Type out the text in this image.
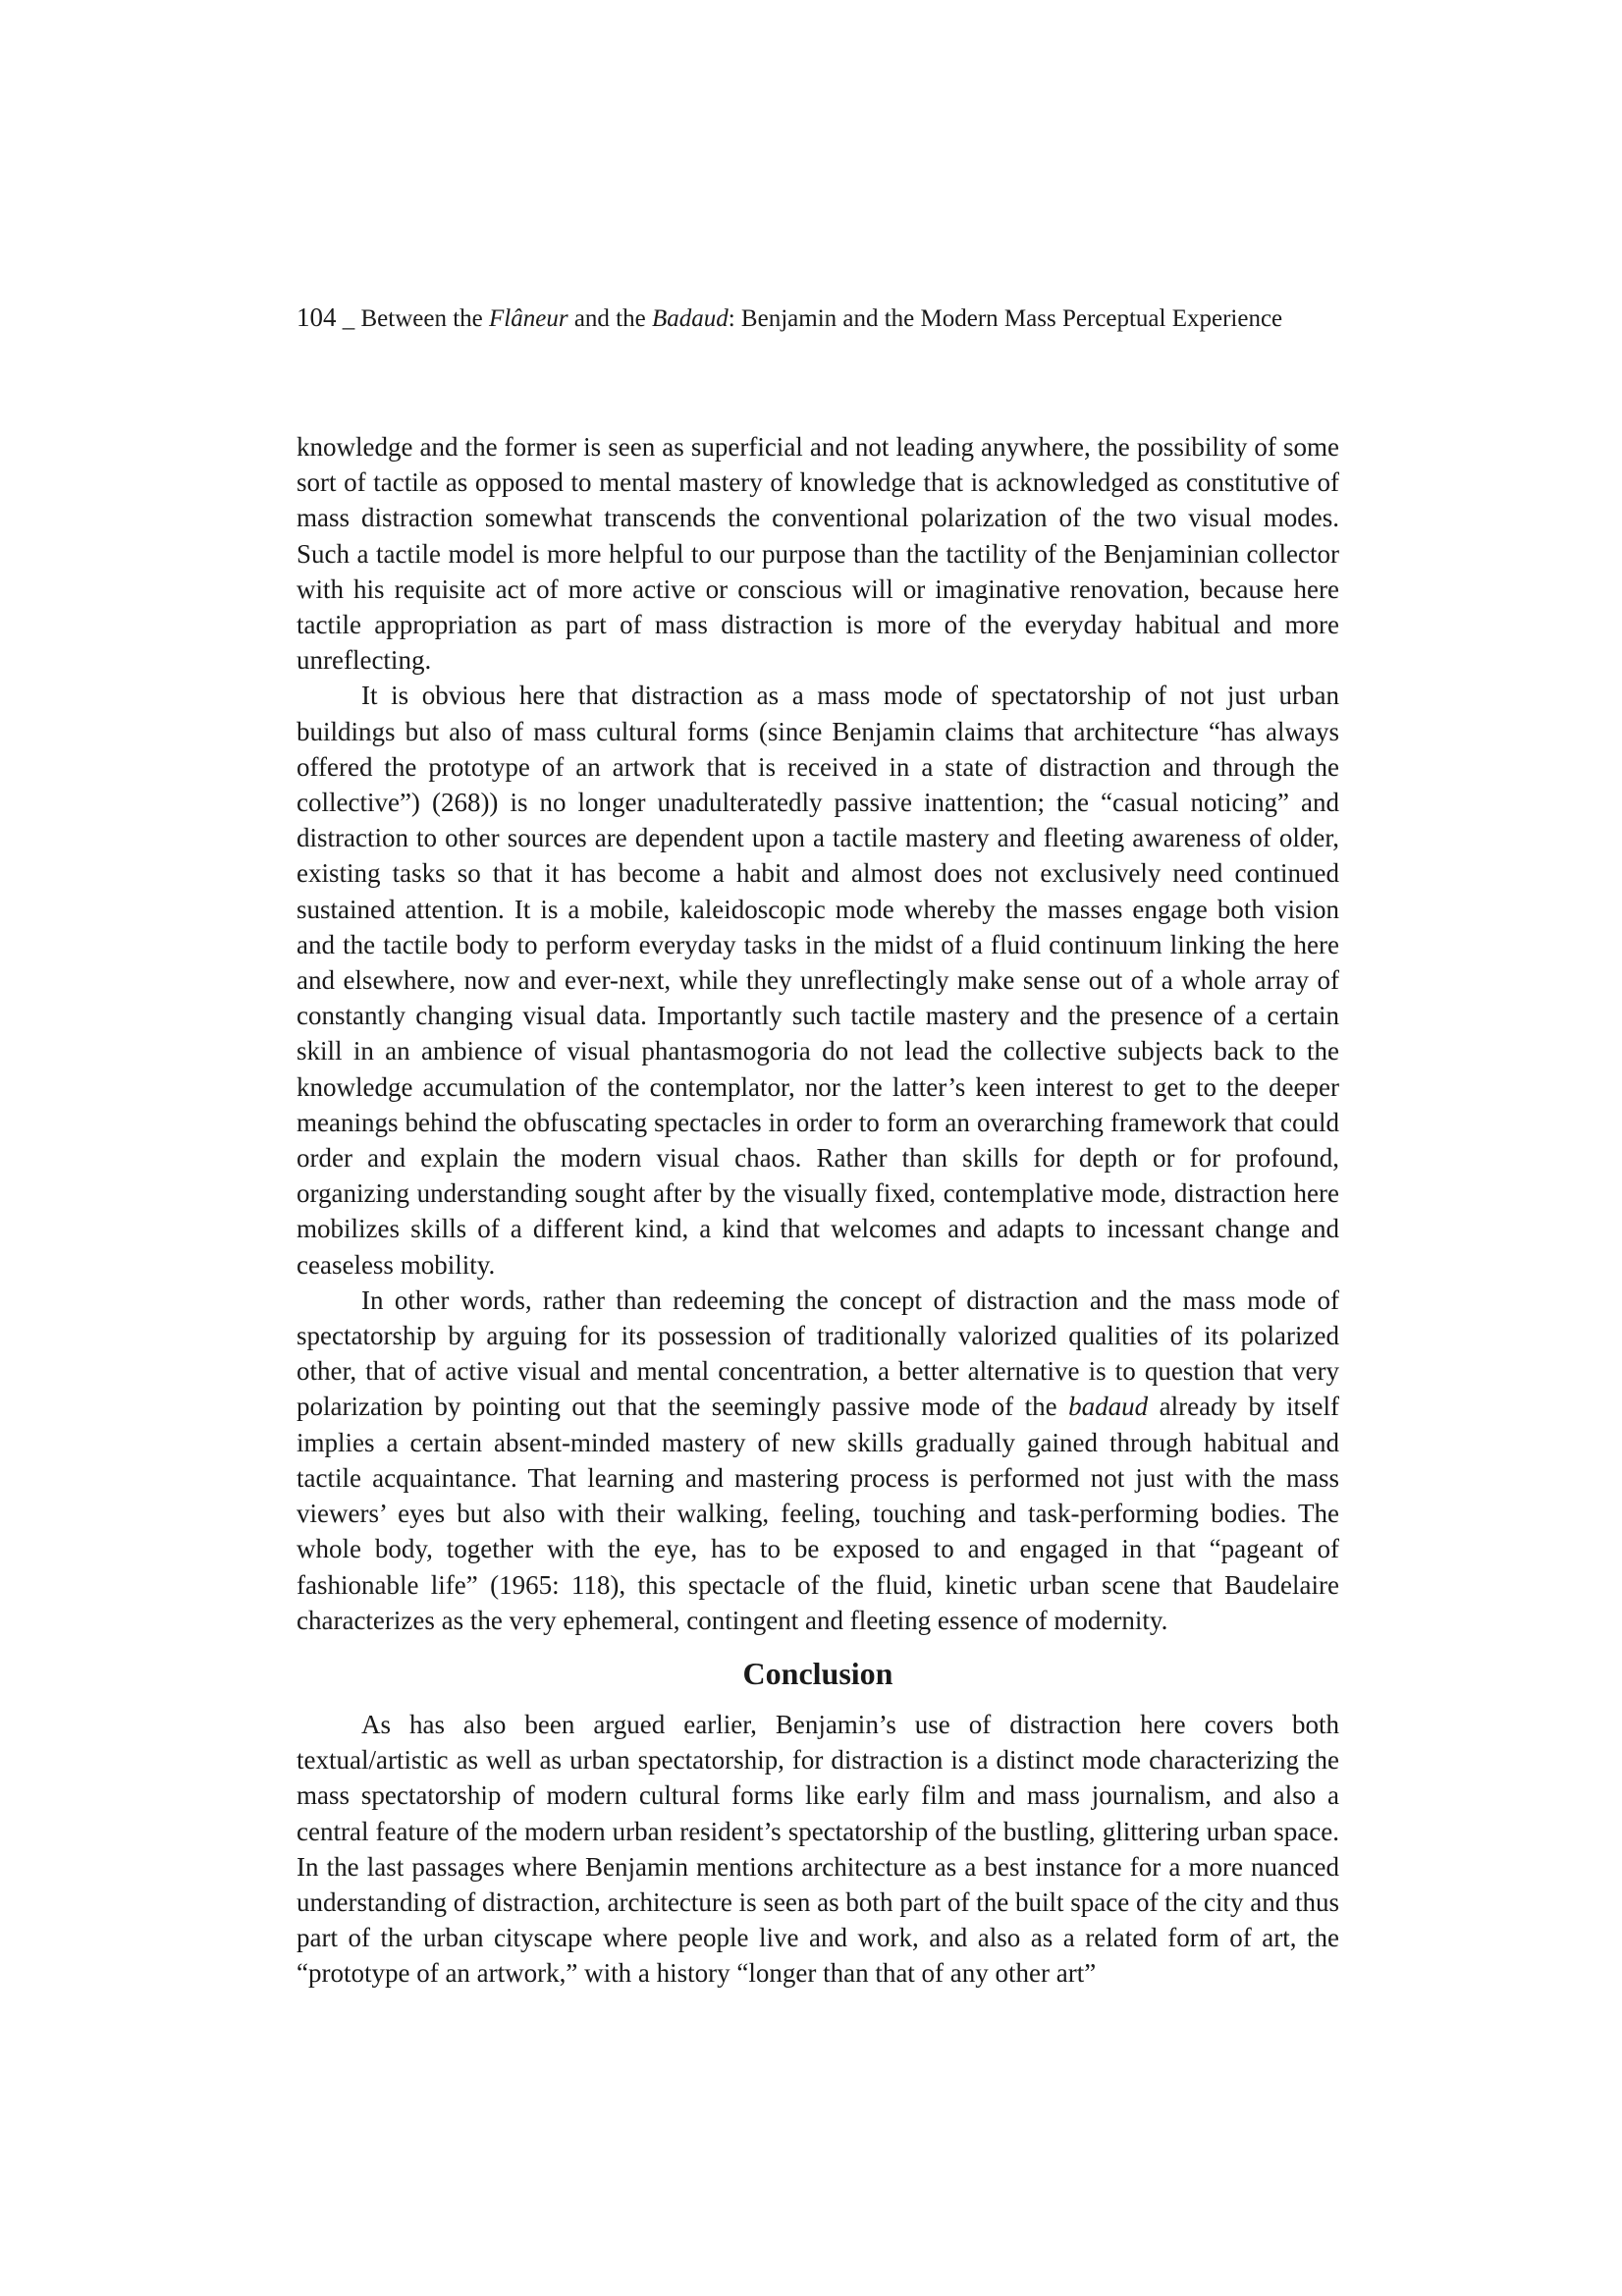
104 _ Between the Flâneur and the Badaud: Benjamin and the Modern Mass Perceptual Experience

knowledge and the former is seen as superficial and not leading anywhere, the possibility of some sort of tactile as opposed to mental mastery of knowledge that is acknowledged as constitutive of mass distraction somewhat transcends the conventional polarization of the two visual modes. Such a tactile model is more helpful to our purpose than the tactility of the Benjaminian collector with his requisite act of more active or conscious will or imaginative renovation, because here tactile appropriation as part of mass distraction is more of the everyday habitual and more unreflecting.

It is obvious here that distraction as a mass mode of spectatorship of not just urban buildings but also of mass cultural forms (since Benjamin claims that architecture “has always offered the prototype of an artwork that is received in a state of distraction and through the collective”) (268)) is no longer unadulteratedly passive inattention; the “casual noticing” and distraction to other sources are dependent upon a tactile mastery and fleeting awareness of older, existing tasks so that it has become a habit and almost does not exclusively need continued sustained attention. It is a mobile, kaleidoscopic mode whereby the masses engage both vision and the tactile body to perform everyday tasks in the midst of a fluid continuum linking the here and elsewhere, now and ever-next, while they unreflectingly make sense out of a whole array of constantly changing visual data. Importantly such tactile mastery and the presence of a certain skill in an ambience of visual phantasmogoria do not lead the collective subjects back to the knowledge accumulation of the contemplator, nor the latter’s keen interest to get to the deeper meanings behind the obfuscating spectacles in order to form an overarching framework that could order and explain the modern visual chaos. Rather than skills for depth or for profound, organizing understanding sought after by the visually fixed, contemplative mode, distraction here mobilizes skills of a different kind, a kind that welcomes and adapts to incessant change and ceaseless mobility.

In other words, rather than redeeming the concept of distraction and the mass mode of spectatorship by arguing for its possession of traditionally valorized qualities of its polarized other, that of active visual and mental concentration, a better alternative is to question that very polarization by pointing out that the seemingly passive mode of the badaud already by itself implies a certain absent-minded mastery of new skills gradually gained through habitual and tactile acquaintance. That learning and mastering process is performed not just with the mass viewers’ eyes but also with their walking, feeling, touching and task-performing bodies. The whole body, together with the eye, has to be exposed to and engaged in that “pageant of fashionable life” (1965: 118), this spectacle of the fluid, kinetic urban scene that Baudelaire characterizes as the very ephemeral, contingent and fleeting essence of modernity.

Conclusion

As has also been argued earlier, Benjamin’s use of distraction here covers both textual/artistic as well as urban spectatorship, for distraction is a distinct mode characterizing the mass spectatorship of modern cultural forms like early film and mass journalism, and also a central feature of the modern urban resident’s spectatorship of the bustling, glittering urban space. In the last passages where Benjamin mentions architecture as a best instance for a more nuanced understanding of distraction, architecture is seen as both part of the built space of the city and thus part of the urban cityscape where people live and work, and also as a related form of art, the “prototype of an artwork,” with a history “longer than that of any other art”
